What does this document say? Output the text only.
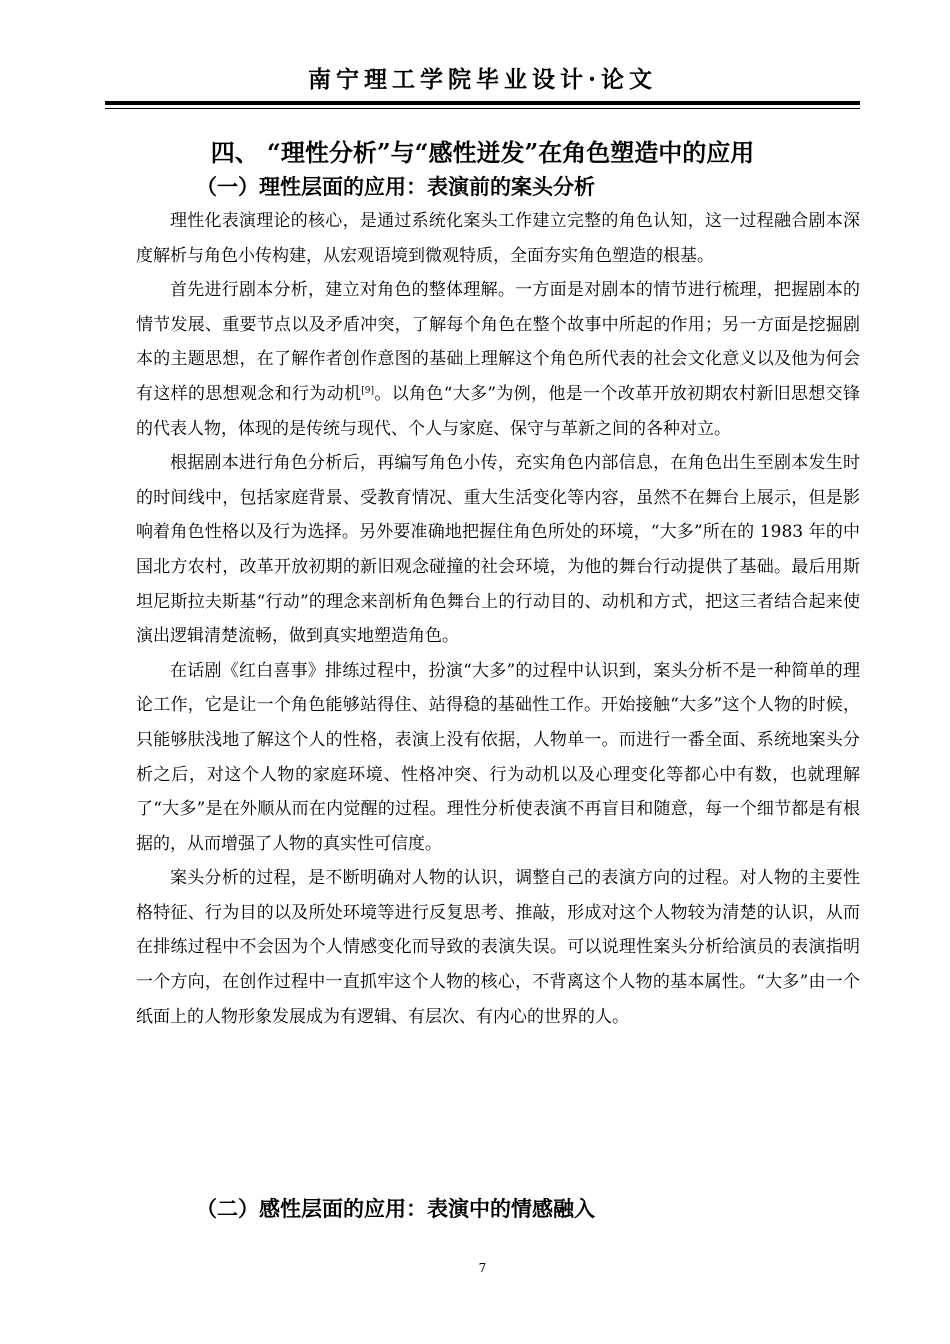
南宁理工学院毕业设计·论文
四、 “理性分析”与“感性迸发”在角色塑造中的应用
（一）理性层面的应用：表演前的案头分析

理性化表演理论的核心，是通过系统化案头工作建立完整的角色认知，这一过程融合剧本深度解析与角色小传构建，从宏观语境到微观特质，全面夯实角色塑造的根基。

首先进行剧本分析，建立对角色的整体理解。一方面是对剧本的情节进行梳理，把握剧本的情节发展、重要节点以及矛盾冲突，了解每个角色在整个故事中所起的作用；另一方面是挖掘剧本的主题思想，在了解作者创作意图的基础上理解这个角色所代表的社会文化意义以及他为何会有这样的思想观念和行为动机[9]。以角色“大多”为例，他是一个改革开放初期农村新旧思想交锋的代表人物，体现的是传统与现代、个人与家庭、保守与革新之间的各种对立。

根据剧本进行角色分析后，再编写角色小传，充实角色内部信息，在角色出生至剧本发生时的时间线中，包括家庭背景、受教育情况、重大生活变化等内容，虽然不在舞台上展示，但是影响着角色性格以及行为选择。另外要准确地把握住角色所处的环境，“大多”所在的 1983 年的中国北方农村，改革开放初期的新旧观念碰撞的社会环境，为他的舞台行动提供了基础。最后用斯坦尼斯拉夫斯基“行动”的理念来剖析角色舞台上的行动目的、动机和方式，把这三者结合起来使演出逻辑清楚流畅，做到真实地塑造角色。

在话剧《红白喜事》排练过程中，扮演“大多”的过程中认识到，案头分析不是一种简单的理论工作，它是让一个角色能够站得住、站得稳的基础性工作。开始接触“大多”这个人物的时候，只能够肤浅地了解这个人的性格，表演上没有依据，人物单一。而进行一番全面、系统地案头分析之后，对这个人物的家庭环境、性格冲突、行为动机以及心理变化等都心中有数，也就理解了“大多”是在外顺从而在内觉醒的过程。理性分析使表演不再盲目和随意，每一个细节都是有根据的，从而增强了人物的真实性可信度。

案头分析的过程，是不断明确对人物的认识，调整自己的表演方向的过程。对人物的主要性格特征、行为目的以及所处环境等进行反复思考、推敲，形成对这个人物较为清楚的认识，从而在排练过程中不会因为个人情感变化而导致的表演失误。可以说理性案头分析给演员的表演指明一个方向，在创作过程中一直抓牢这个人物的核心，不背离这个人物的基本属性。“大多”由一个纸面上的人物形象发展成为有逻辑、有层次、有内心的世界的人。

（二）感性层面的应用：表演中的情感融入
7
